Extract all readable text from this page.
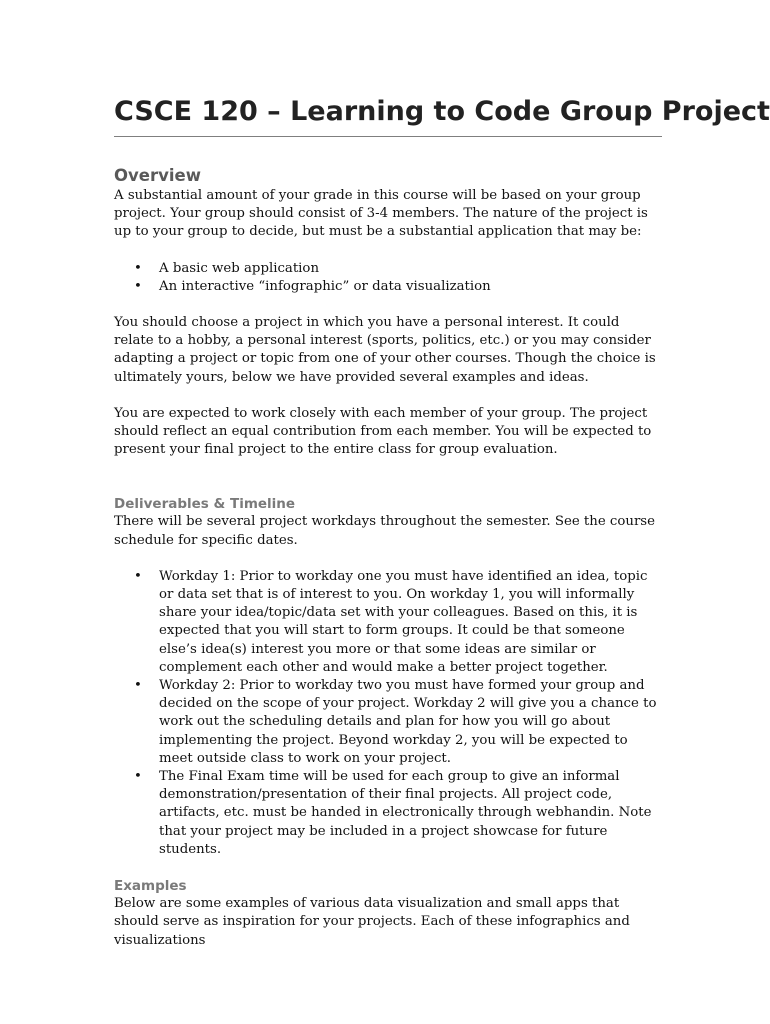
CSCE 120 – Learning to Code Group Project
Overview

A substantial amount of your grade in this course will be based on your group project. Your group should consist of 3-4 members. The nature of the project is up to your group to decide, but must be a substantial application that may be:

• A basic web application
• An interactive “infographic” or data visualization

You should choose a project in which you have a personal interest. It could relate to a hobby, a personal interest (sports, politics, etc.) or you may consider adapting a project or topic from one of your other courses. Though the choice is ultimately yours, below we have provided several examples and ideas.

You are expected to work closely with each member of your group. The project should reflect an equal contribution from each member. You will be expected to present your final project to the entire class for group evaluation.

Deliverables & Timeline

There will be several project workdays throughout the semester. See the course schedule for specific dates.

• Workday 1: Prior to workday one you must have identified an idea, topic or data set that is of interest to you. On workday 1, you will informally share your idea/topic/data set with your colleagues. Based on this, it is expected that you will start to form groups. It could be that someone else’s idea(s) interest you more or that some ideas are similar or complement each other and would make a better project together.
• Workday 2: Prior to workday two you must have formed your group and decided on the scope of your project. Workday 2 will give you a chance to work out the scheduling details and plan for how you will go about implementing the project. Beyond workday 2, you will be expected to meet outside class to work on your project.
• The Final Exam time will be used for each group to give an informal demonstration/presentation of their final projects. All project code, artifacts, etc. must be handed in electronically through webhandin. Note that your project may be included in a project showcase for future students.
Examples

Below are some examples of various data visualization and small apps that should serve as inspiration for your projects. Each of these infographics and visualizations
